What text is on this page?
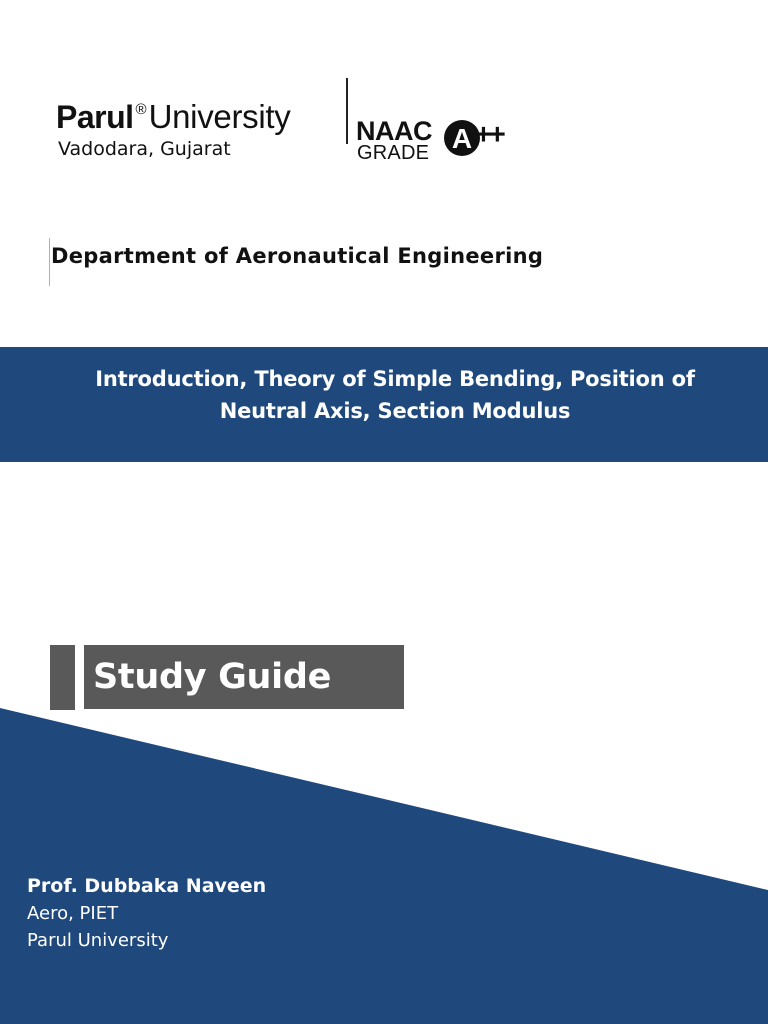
Parul ®University
Vadodara, Gujarat
NAAC
GRADE A ++
Department of Aeronautical Engineering
Introduction, Theory of Simple Bending, Position of Neutral Axis, Section Modulus
Study Guide
Prof. Dubbaka Naveen
Aero, PIET
Parul University
